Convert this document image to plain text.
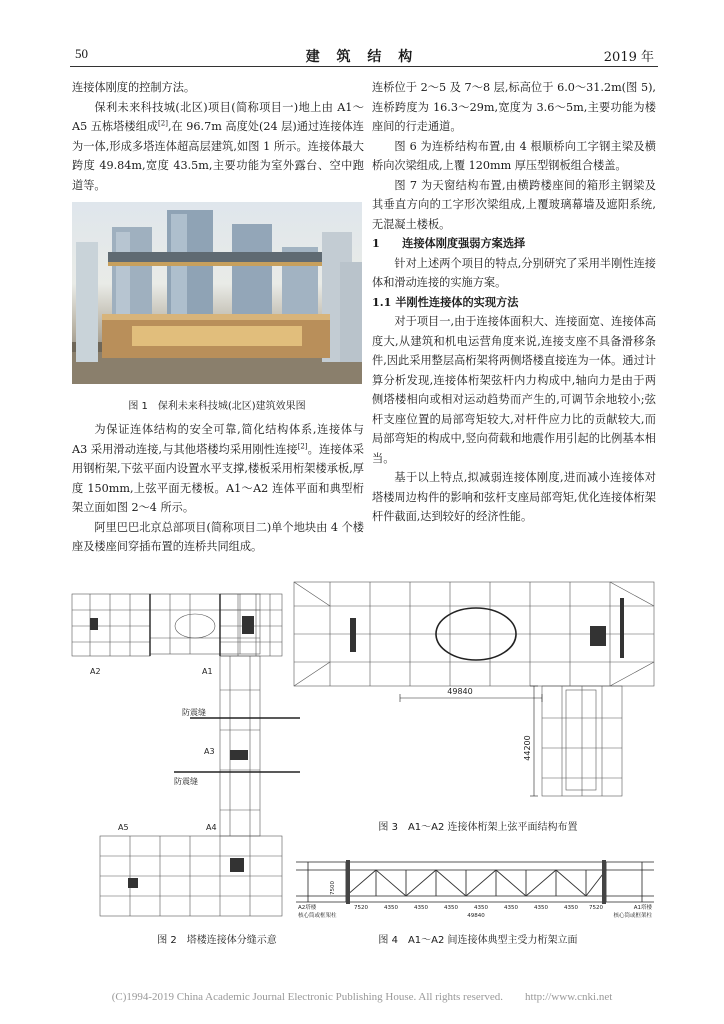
50	建 筑 结 构	2019 年

连接体刚度的控制方法。

保利未来科技城(北区)项目(简称项目一)地上由 A1～A5 五栋塔楼组成[2],在 96.7m 高度处(24 层)通过连接体连为一体,形成多塔连体超高层建筑,如图 1 所示。连接体最大跨度 49.84m,宽度 43.5m,主要功能为室外露台、空中跑道等。

图 1　保利未来科技城(北区)建筑效果图

为保证连体结构的安全可靠,简化结构体系,连接体与 A3 采用滑动连接,与其他塔楼均采用刚性连接[2]。连接体采用钢桁架,下弦平面内设置水平支撑,楼板采用桁架楼承板,厚度 150mm,上弦平面无楼板。A1～A2 连体平面和典型桁架立面如图 2～4 所示。

阿里巴巴北京总部项目(简称项目二)单个地块由 4 个楼座及楼座间穿插布置的连桥共同组成。

连桥位于 2～5 及 7～8 层,标高位于 6.0～31.2m(图 5),连桥跨度为 16.3～29m,宽度为 3.6～5m,主要功能为楼座间的行走通道。

图 6 为连桥结构布置,由 4 根顺桥向工字钢主梁及横桥向次梁组成,上覆 120mm 厚压型钢板组合楼盖。

图 7 为天窗结构布置,由横跨楼座间的箱形主钢梁及其垂直方向的工字形次梁组成,上覆玻璃幕墙及遮阳系统,无混凝土楼板。

1　　连接体刚度强弱方案选择

针对上述两个项目的特点,分别研究了采用半刚性连接体和滑动连接的实施方案。

1.1 半刚性连接体的实现方法

对于项目一,由于连接体面积大、连接面宽、连接体高度大,从建筑和机电运营角度来说,连接支座不具备滑移条件,因此采用整层高桁架将两侧塔楼直接连为一体。通过计算分析发现,连接体桁架弦杆内力构成中,轴向力是由于两侧塔楼相向或相对运动趋势而产生的,可调节余地较小;弦杆支座位置的局部弯矩较大,对杆件应力比的贡献较大,而局部弯矩的构成中,竖向荷载和地震作用引起的比例基本相当。

基于以上特点,拟减弱连接体刚度,进而减小连接体对塔楼周边构件的影响和弦杆支座局部弯矩,优化连接体桁架杆件截面,达到较好的经济性能。

A2	A1
防震缝
A3
防震缝
A5	A4
图 2　塔楼连接体分缝示意
49840
44200
图 3　A1～A2 连接体桁架上弦平面结构布置
7500
A2塔楼
核心筒或框架柱
A1塔楼
核心筒或框架柱
7520	4350	4350	4350	4350	4350	4350	4350 7520
49840
图 4　A1～A2 间连接体典型主受力桁架立面
(C)1994-2019 China Academic Journal Electronic Publishing House. All rights reserved.　　http://www.cnki.net
